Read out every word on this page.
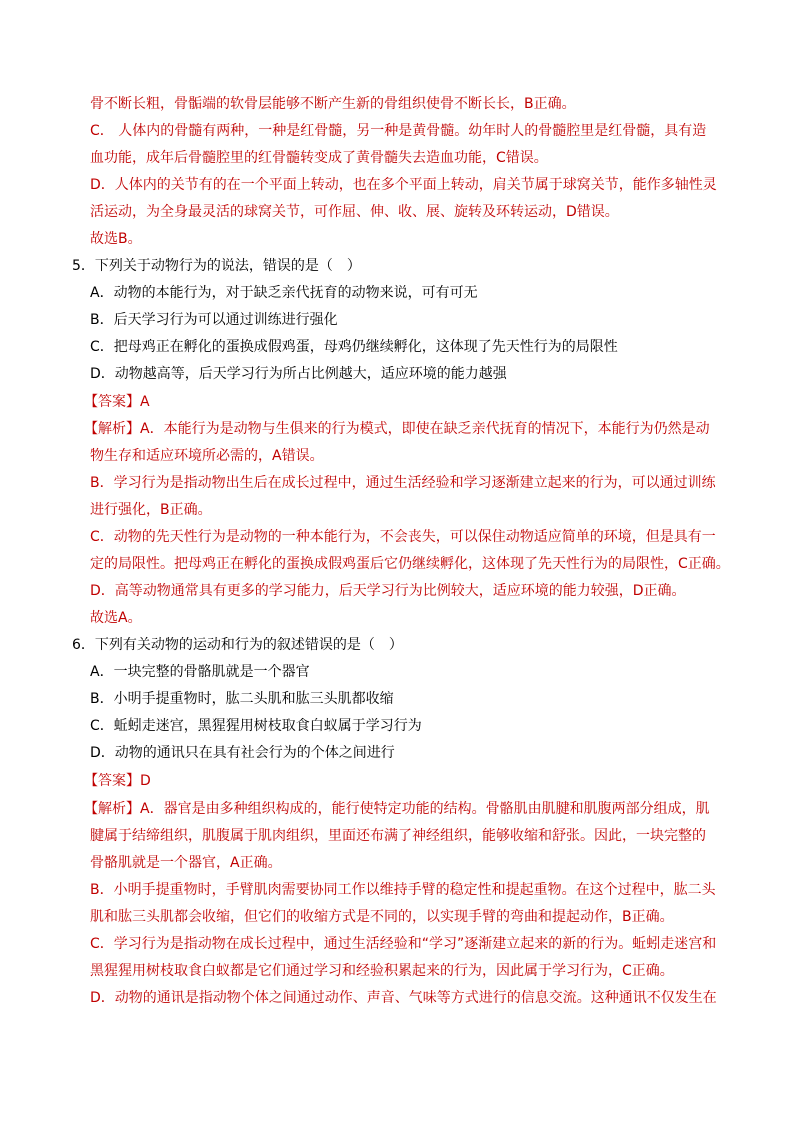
骨不断长粗，骨骺端的软骨层能够不断产生新的骨组织使骨不断长长，B正确。
C． 人体内的骨髓有两种，一种是红骨髓，另一种是黄骨髓。幼年时人的骨髓腔里是红骨髓，具有造
血功能，成年后骨髓腔里的红骨髓转变成了黄骨髓失去造血功能，C错误。
D．人体内的关节有的在一个平面上转动，也在多个平面上转动，肩关节属于球窝关节，能作多轴性灵
活运动，为全身最灵活的球窝关节，可作屈、伸、收、展、旋转及环转运动，D错误。
故选B。
5．下列关于动物行为的说法，错误的是（　）
A．动物的本能行为，对于缺乏亲代抚育的动物来说，可有可无
B．后天学习行为可以通过训练进行强化
C．把母鸡正在孵化的蛋换成假鸡蛋，母鸡仍继续孵化，这体现了先天性行为的局限性
D．动物越高等，后天学习行为所占比例越大，适应环境的能力越强
【答案】A
【解析】A．本能行为是动物与生俱来的行为模式，即使在缺乏亲代抚育的情况下，本能行为仍然是动
物生存和适应环境所必需的，A错误。
B．学习行为是指动物出生后在成长过程中，通过生活经验和学习逐渐建立起来的行为，可以通过训练
进行强化，B正确。
C．动物的先天性行为是动物的一种本能行为，不会丧失，可以保住动物适应简单的环境，但是具有一
定的局限性。把母鸡正在孵化的蛋换成假鸡蛋后它仍继续孵化，这体现了先天性行为的局限性，C正确。
D．高等动物通常具有更多的学习能力，后天学习行为比例较大，适应环境的能力较强，D正确。
故选A。
6．下列有关动物的运动和行为的叙述错误的是（　）
A．一块完整的骨骼肌就是一个器官
B．小明手提重物时，肱二头肌和肱三头肌都收缩
C．蚯蚓走迷宫，黑猩猩用树枝取食白蚁属于学习行为
D．动物的通讯只在具有社会行为的个体之间进行
【答案】D
【解析】A．器官是由多种组织构成的，能行使特定功能的结构。骨骼肌由肌腱和肌腹两部分组成，肌
腱属于结缔组织，肌腹属于肌肉组织，里面还布满了神经组织，能够收缩和舒张。因此，一块完整的
骨骼肌就是一个器官，A正确。
B．小明手提重物时，手臂肌肉需要协同工作以维持手臂的稳定性和提起重物。在这个过程中，肱二头
肌和肱三头肌都会收缩，但它们的收缩方式是不同的，以实现手臂的弯曲和提起动作，B正确。
C．学习行为是指动物在成长过程中，通过生活经验和“学习”逐渐建立起来的新的行为。蚯蚓走迷宫和
黑猩猩用树枝取食白蚁都是它们通过学习和经验积累起来的行为，因此属于学习行为，C正确。
D．动物的通讯是指动物个体之间通过动作、声音、气味等方式进行的信息交流。这种通讯不仅发生在
